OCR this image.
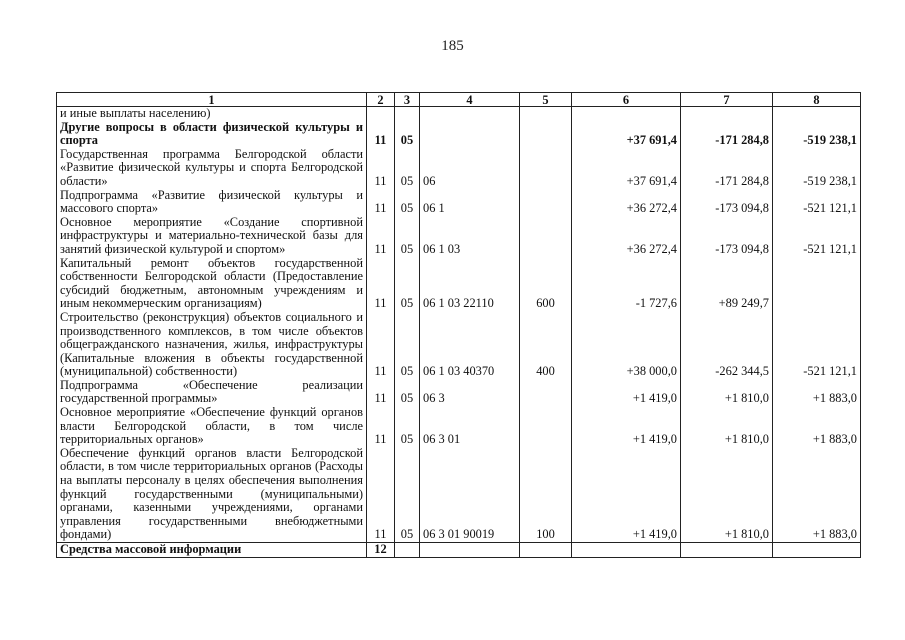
185
1	2	3	4	5	6	7	8
и иные выплаты населению)							
Другие вопросы в области физической культуры и спорта	11	05			+37 691,4	-171 284,8	-519 238,1
Государственная программа Белгородской области «Развитие физической культуры и спорта Белгородской области»	11	05	06		+37 691,4	-171 284,8	-519 238,1
Подпрограмма «Развитие физической культуры и массового спорта»	11	05	06 1		+36 272,4	-173 094,8	-521 121,1
Основное мероприятие «Создание спортивной инфраструктуры и материально-технической базы для занятий физической культурой и спортом»	11	05	06 1 03		+36 272,4	-173 094,8	-521 121,1
Капитальный ремонт объектов государственной собственности Белгородской области (Предоставление субсидий бюджетным, автономным учреждениям и иным некоммерческим организациям)	11	05	06 1 03 22110	600	-1 727,6	+89 249,7	
Строительство (реконструкция) объектов социального и производственного комплексов, в том числе объектов общегражданского назначения, жилья, инфраструктуры (Капитальные вложения в объекты государственной (муниципальной) собственности)	11	05	06 1 03 40370	400	+38 000,0	-262 344,5	-521 121,1
Подпрограмма «Обеспечение реализации государственной программы»	11	05	06 3		+1 419,0	+1 810,0	+1 883,0
Основное мероприятие «Обеспечение функций органов власти Белгородской области, в том числе территориальных органов»	11	05	06 3 01		+1 419,0	+1 810,0	+1 883,0
Обеспечение функций органов власти Белгородской области, в том числе территориальных органов (Расходы на выплаты персоналу в целях обеспечения выполнения функций государственными (муниципальными) органами, казенными учреждениями, органами управления государственными внебюджетными фондами)	11	05	06 3 01 90019	100	+1 419,0	+1 810,0	+1 883,0
Средства массовой информации	12						
